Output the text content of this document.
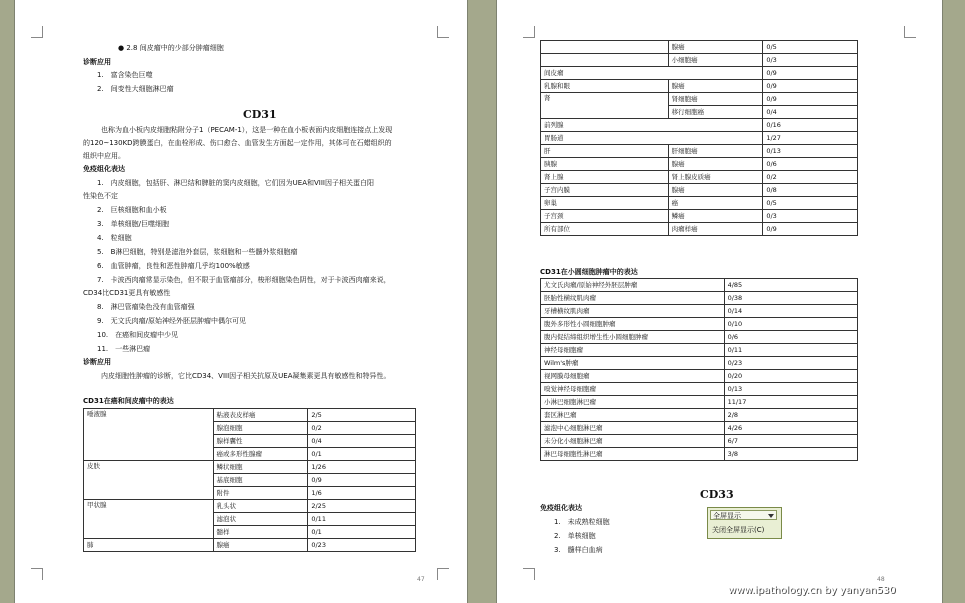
● 2.8 间皮瘤中的少部分肿瘤细胞
诊断应用
1.　富含染色巨噬
2.　间变性大细胞淋巴瘤
CD31
也称为血小板内皮细胞粘附分子1（PECAM-1），这是一种在血小板表面内皮细胞连接点上发现
的120~130KD跨膜蛋白，在血栓形成、伤口愈合、血管发生方面起一定作用，其体可在石蜡组织的
组织中应用。
免疫组化表达
1.　内皮细胞，包括肝、淋巴结和脾脏的窦内皮细胞，它们因为UEA和VIII因子相关蛋白阳
性染色不定
2.　巨核细胞和血小板
3.　单核细胞/巨噬细胞
4.　粒细胞
5.　B淋巴细胞，特别是滤泡外套层，浆细胞和一些髓外浆细胞瘤
6.　血管肿瘤，良性和恶性肿瘤几乎均100%敏感
7.　卡波西肉瘤常显示染色，但不限于血管瘤部分，梭形细胞染色阴性，对于卡波西肉瘤来说，
CD34比CD31更具有敏感性
8.　淋巴管瘤染色没有血管瘤强
9.　无文氏肉瘤/原始神经外胚层肿瘤中偶尔可见
10.　在癌和间皮瘤中少见
11.　一些淋巴瘤
诊断应用
内皮细胞性肿瘤的诊断，它比CD34、VIII因子相关抗原及UEA凝集素更具有敏感性和特异性。
CD31在癌和间皮瘤中的表达
唾液腺	粘液表皮样癌	2/5
	腺泡细胞	0/2
	腺样囊性	0/4
	癌或多形性腺瘤	0/1
皮肤	鳞状细胞	1/26
	基底细胞	0/9
	附件	1/6
甲状腺	乳头状	2/25
	滤泡状	0/11
	髓样	0/1
肺	腺癌	0/23
47
	腺癌	0/5
	小细胞癌	0/3
间皮瘤		0/9
乳腺和眼	腺癌	0/9
肾	肾细胞癌	0/9
	移行细胞癌	0/4
前列腺		0/16
胃肠道		1/27
肝	肝细胞癌	0/13
胰腺	腺癌	0/6
肾上腺	肾上腺皮质癌	0/2
子宫内膜	腺癌	0/8
卵巢	癌	0/5
子宫颈	鳞癌	0/3
所有部位	肉瘤样癌	0/9
CD31在小圆细胞肿瘤中的表达
尤文氏肉瘤/原始神经外胚层肿瘤	4/85
胚胎性横纹肌肉瘤	0/38
牙槽横纹肌肉瘤	0/14
腹外多形性小圆细胞肿瘤	0/10
腹内促结缔组织增生性小圆细胞肿瘤	0/6
神经母细胞瘤	0/11
Wilm's肿瘤	0/23
视网膜母细胞瘤	0/20
嗅觉神经母细胞瘤	0/13
小淋巴细胞淋巴瘤	11/17
套区淋巴瘤	2/8
滤泡中心细胞淋巴瘤	4/26
未分化小细胞淋巴瘤	6/7
淋巴母细胞性淋巴瘤	3/8
CD33
免疫组化表达
1.　未成熟粒细胞
2.　单核细胞
3.　髓样白血病
48
全屏显示
关闭全屏显示(C)
www.ipathology.cn by yanyan530
